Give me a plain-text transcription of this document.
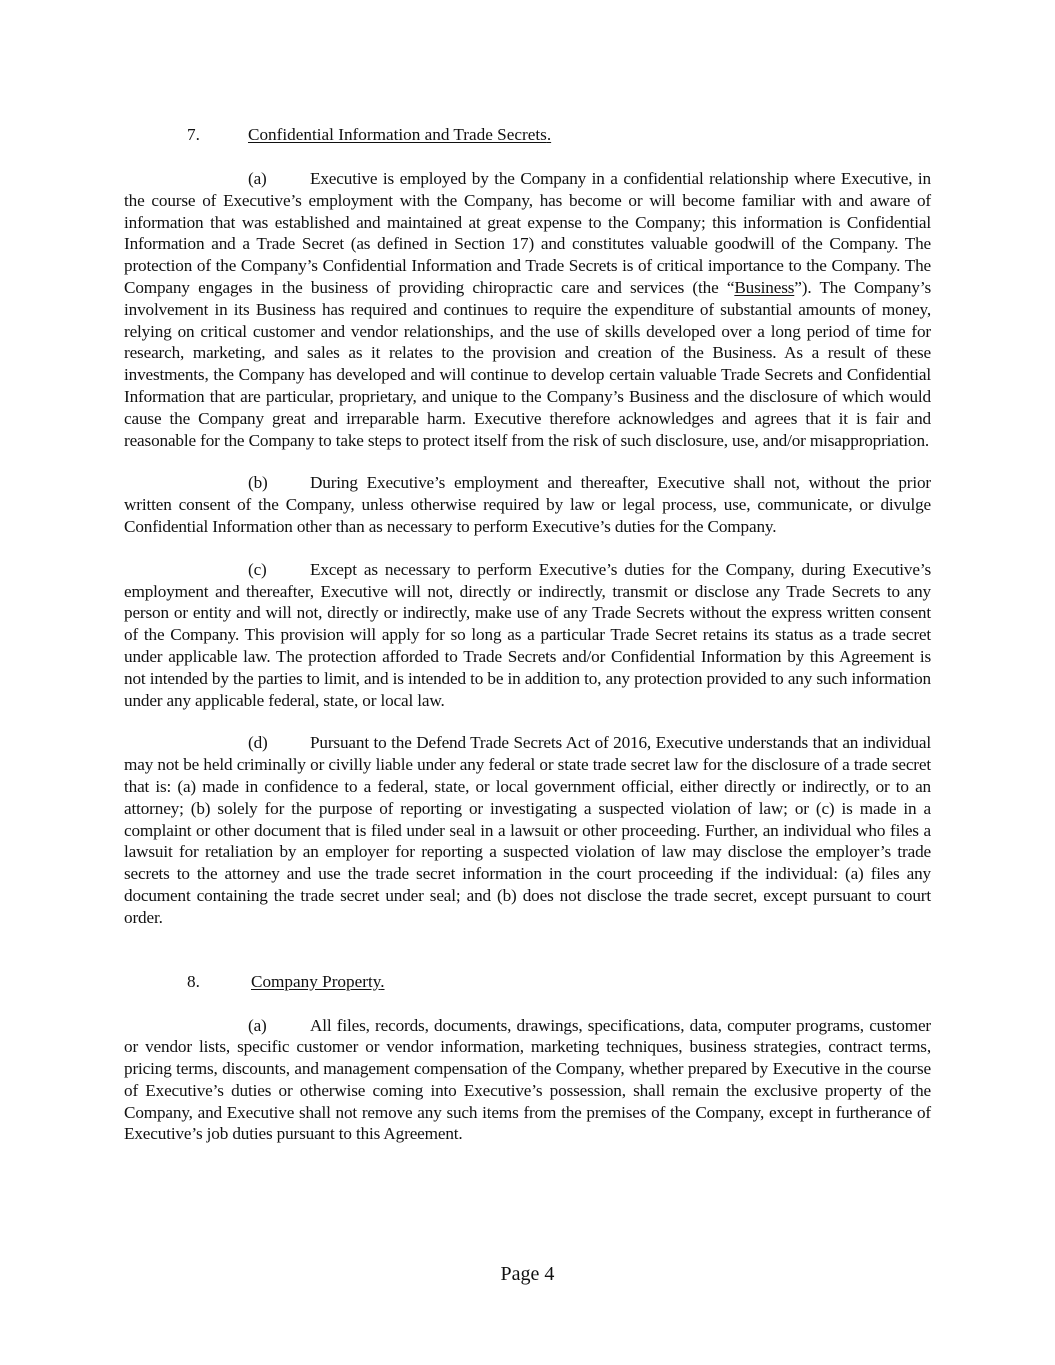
7.	Confidential Information and Trade Secrets.

(a)	Executive is employed by the Company in a confidential relationship where Executive, in the course of Executive’s employment with the Company, has become or will become familiar with and aware of information that was established and maintained at great expense to the Company; this information is Confidential Information and a Trade Secret (as defined in Section 17) and constitutes valuable goodwill of the Company. The protection of the Company’s Confidential Information and Trade Secrets is of critical importance to the Company. The Company engages in the business of providing chiropractic care and services (the “Business”). The Company’s involvement in its Business has required and continues to require the expenditure of substantial amounts of money, relying on critical customer and vendor relationships, and the use of skills developed over a long period of time for research, marketing, and sales as it relates to the provision and creation of the Business. As a result of these investments, the Company has developed and will continue to develop certain valuable Trade Secrets and Confidential Information that are particular, proprietary, and unique to the Company’s Business and the disclosure of which would cause the Company great and irreparable harm. Executive therefore acknowledges and agrees that it is fair and reasonable for the Company to take steps to protect itself from the risk of such disclosure, use, and/or misappropriation.

(b) During Executive’s employment and thereafter, Executive shall not, without the prior written consent of the Company, unless otherwise required by law or legal process, use, communicate, or divulge Confidential Information other than as necessary to perform Executive’s duties for the Company.

(c)	Except as necessary to perform Executive’s duties for the Company, during Executive’s employment and thereafter, Executive will not, directly or indirectly, transmit or disclose any Trade Secrets to any person or entity and will not, directly or indirectly, make use of any Trade Secrets without the express written consent of the Company. This provision will apply for so long as a particular Trade Secret retains its status as a trade secret under applicable law. The protection afforded to Trade Secrets and/or Confidential Information by this Agreement is not intended by the parties to limit, and is intended to be in addition to, any protection provided to any such information under any applicable federal, state, or local law.

(d) Pursuant to the Defend Trade Secrets Act of 2016, Executive understands that an individual may not be held criminally or civilly liable under any federal or state trade secret law for the disclosure of a trade secret that is: (a) made in confidence to a federal, state, or local government official, either directly or indirectly, or to an attorney; (b) solely for the purpose of reporting or investigating a suspected violation of law; or (c) is made in a complaint or other document that is filed under seal in a lawsuit or other proceeding. Further, an individual who files a lawsuit for retaliation by an employer for reporting a suspected violation of law may disclose the employer’s trade secrets to the attorney and use the trade secret information in the court proceeding if the individual: (a) files any document containing the trade secret under seal; and (b) does not disclose the trade secret, except pursuant to court order.

8.	Company Property.

(a)	All files, records, documents, drawings, specifications, data, computer programs, customer or vendor lists, specific customer or vendor information, marketing techniques, business strategies, contract terms, pricing terms, discounts, and management compensation of the Company, whether prepared by Executive in the course of Executive’s duties or otherwise coming into Executive’s possession, shall remain the exclusive property of the Company, and Executive shall not remove any such items from the premises of the Company, except in furtherance of Executive’s job duties pursuant to this Agreement.

Page 4
